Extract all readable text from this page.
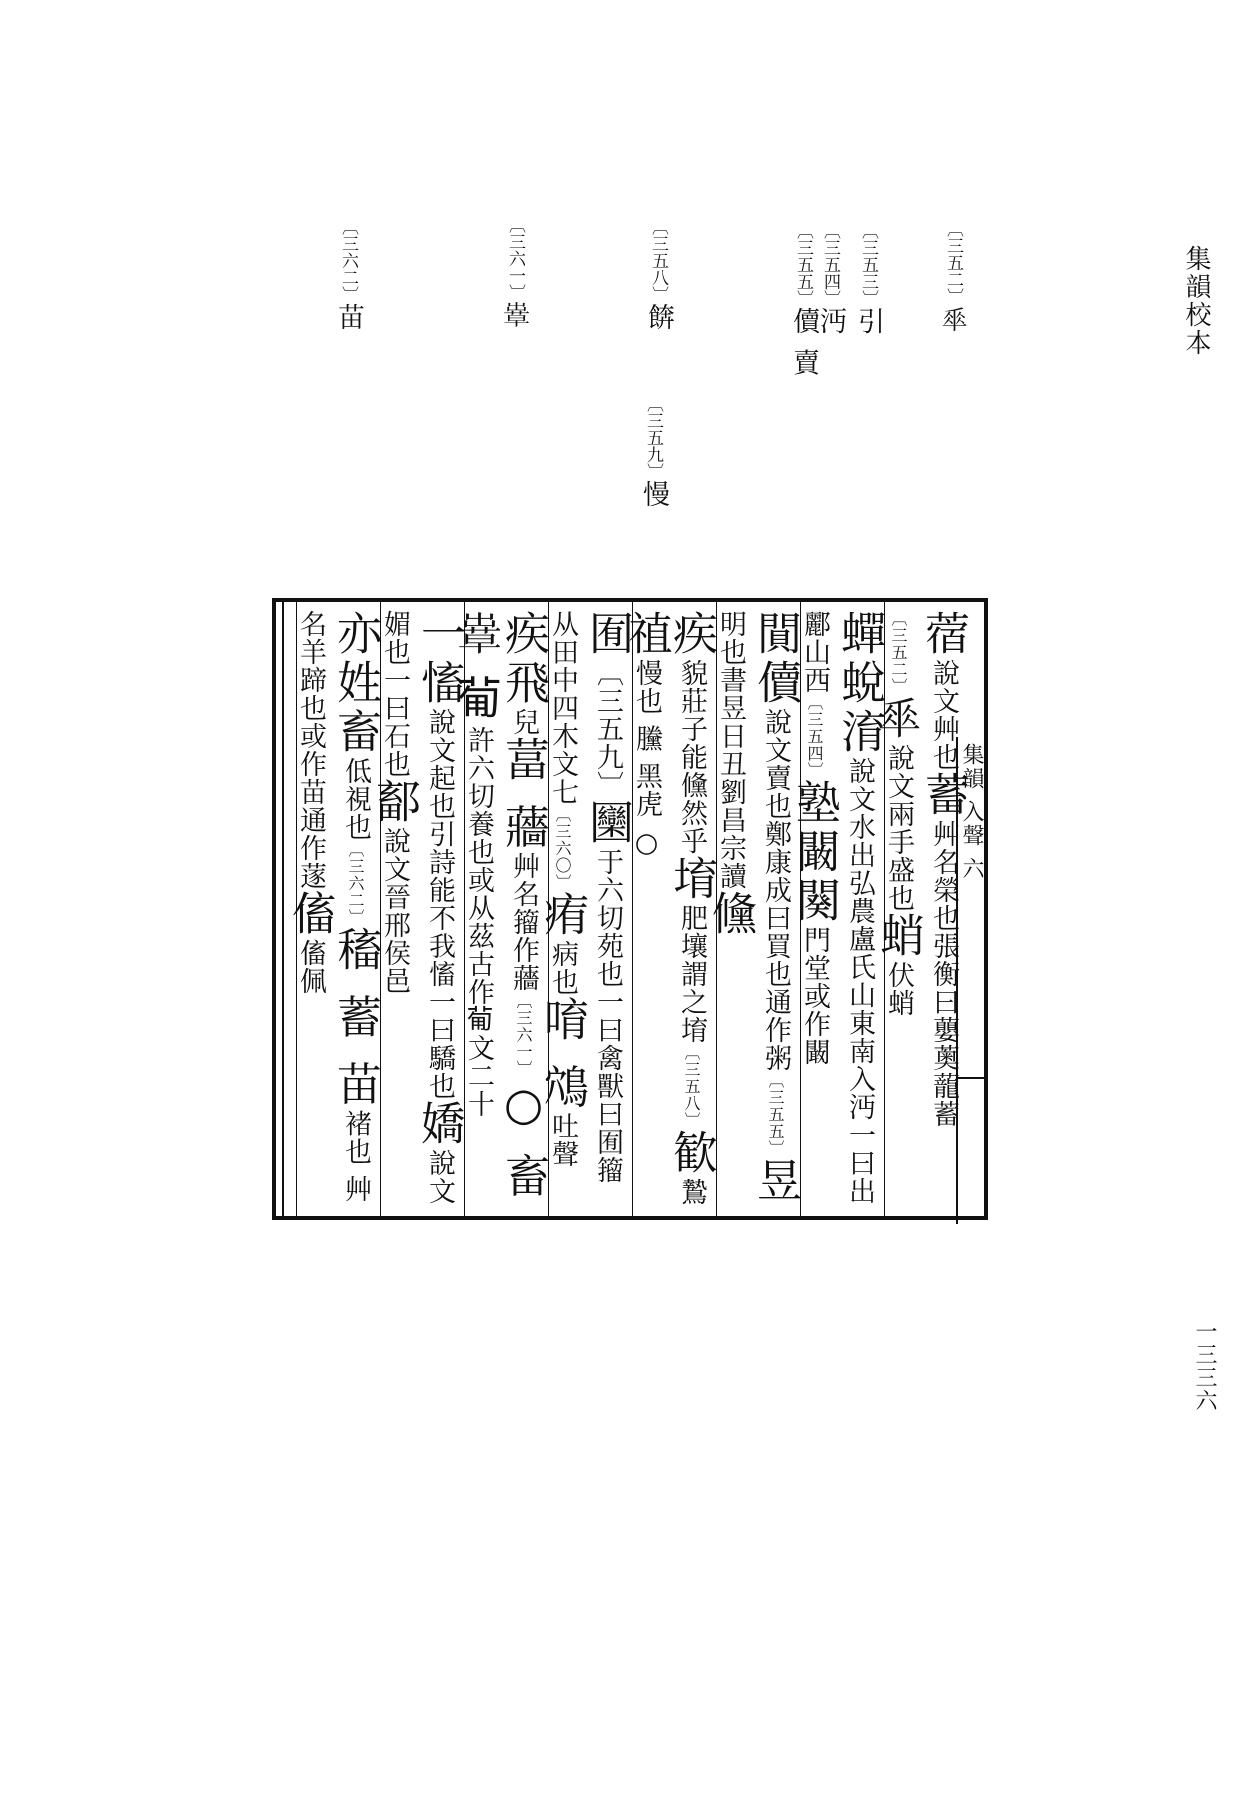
集韻校本
一三三六
〔三五二〕𠦬
〔三五三〕引
〔三五四〕沔
〔三五五〕儥 賣
〔三五八〕餴
〔三五九〕慢
〔三六一〕𦸶
〔三六二〕苗
集韻 入聲 六
蓿說文艸也蓄艸名榮也張衡曰蘡薁蘢蓄〔三五二〕𠦬說文兩手盛也蛸伏蛸
蟬蛻淯說文水出弘農盧氏山東南入沔一曰出酈山西〔三五四〕塾闞闋門堂或作闞
閴儥說文賣也鄭康成曰買也通作粥〔三五五〕昱明也書昱日丑劉昌宗讀儵
疾貌莊子能儵然乎堉肥壤謂之堉〔三五八〕歓鷙禃慢也 黱 黑虎 ○
囿〔三五九〕圞于六切苑也一曰禽獸曰囿籀从田中四木文七〔三六〇〕痏病也唷 鴪吐聲
疾飛兒葍 蘠艸名籀作蘠〔三六一〕○ 畜 𦸶 𤰈許六切養也或从茲古作𤰈文二十
一慉說文起也引詩能不我慉一曰驕也嬌說文媚也一曰石也鄐說文晉邢侯邑
亦姓畜低視也〔三六二〕稸 蓄 苗褚也 艸名羊蹄也或作苗通作蓫傗傗佩
